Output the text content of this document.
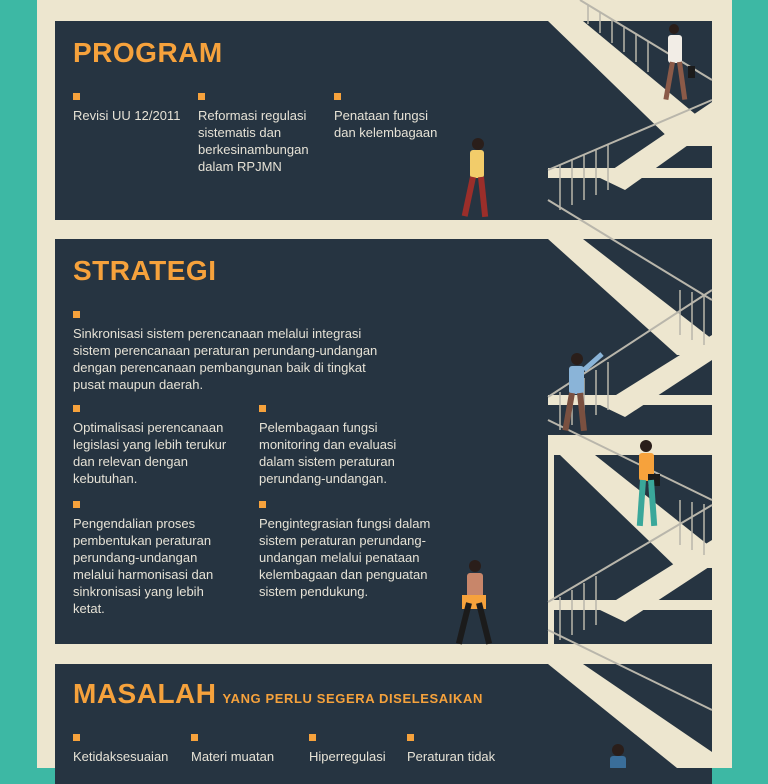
PROGRAM
Revisi UU 12/2011	Reformasi regulasi sistematis dan berkesinambungan dalam RPJMN
Penataan fungsi dan kelembagaan
STRATEGI
Sinkronisasi sistem perencanaan melalui integrasi sistem perencanaan peraturan perundang-undangan dengan perencanaan pembangunan baik di tingkat pusat maupun daerah.
Optimalisasi perencanaan legislasi yang lebih terukur dan relevan dengan kebutuhan.
Pelembagaan fungsi monitoring dan evaluasi dalam sistem peraturan perundang-undangan.
Pengendalian proses pembentukan peraturan perundang-undangan melalui harmonisasi dan sinkronisasi yang lebih ketat.
Pengintegrasian fungsi dalam sistem peraturan perundang-undangan melalui penataan kelembagaan dan penguatan sistem pendukung.
MASALAH YANG PERLU SEGERA DISELESAIKAN
Ketidaksesuaian Materi muatan	Hiperregulasi Peraturan tidak
